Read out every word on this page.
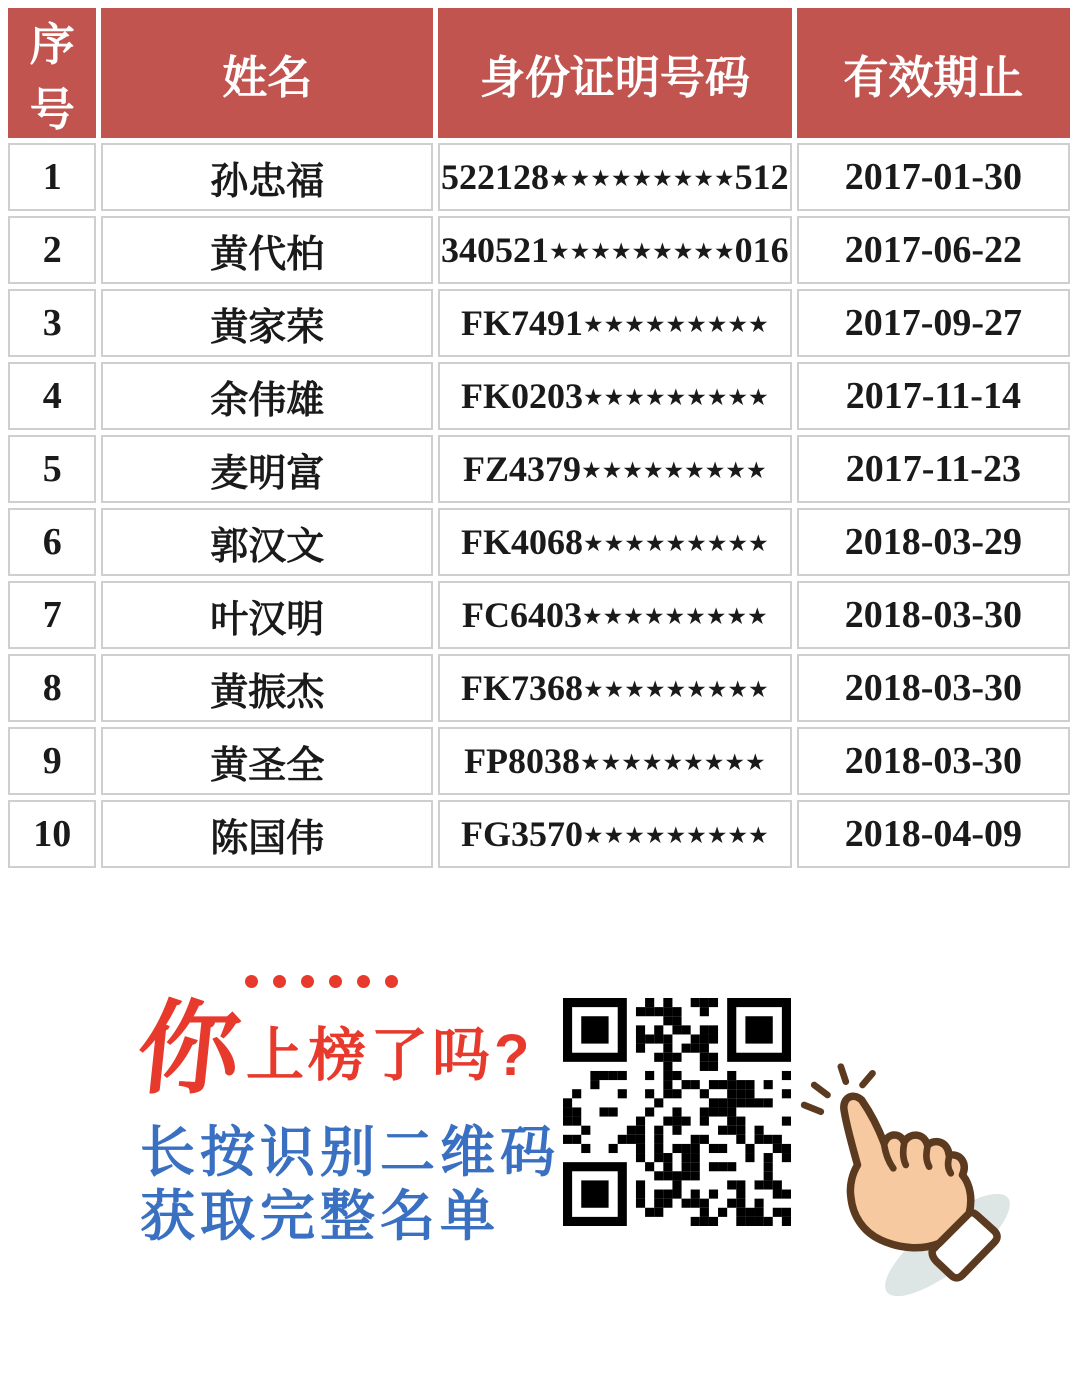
序号	姓名	身份证明号码	有效期止
1	孙忠福	522128★★★★★★★★★512	2017-01-30
2	黄代柏	340521★★★★★★★★★016	2017-06-22
3	黄家荣	FK7491★★★★★★★★★	2017-09-27
4	余伟雄	FK0203★★★★★★★★★	2017-11-14
5	麦明富	FZ4379★★★★★★★★★	2017-11-23
6	郭汉文	FK4068★★★★★★★★★	2018-03-29
7	叶汉明	FC6403★★★★★★★★★	2018-03-30
8	黄振杰	FK7368★★★★★★★★★	2018-03-30
9	黄圣全	FP8038★★★★★★★★★	2018-03-30
10	陈国伟	FG3570★★★★★★★★★	2018-04-09
你 上榜了吗?
长按识别二维码
获取完整名单
